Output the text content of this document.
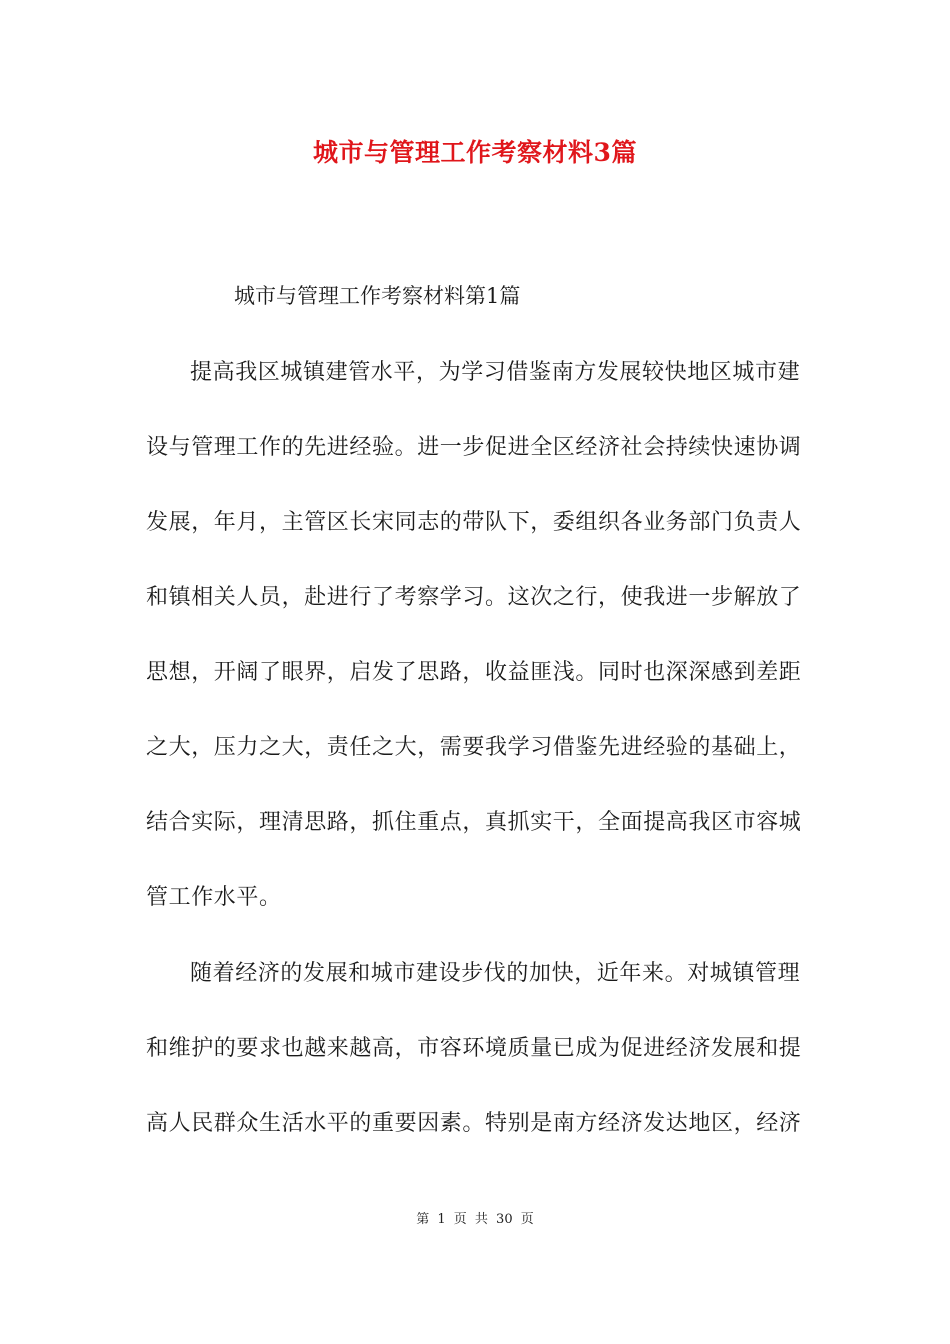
城市与管理工作考察材料3篇
城市与管理工作考察材料第1篇
提高我区城镇建管水平，为学习借鉴南方发展较快地区城市建
设与管理工作的先进经验。进一步促进全区经济社会持续快速协调
发展，年月，主管区长宋同志的带队下，委组织各业务部门负责人
和镇相关人员，赴进行了考察学习。这次之行，使我进一步解放了
思想，开阔了眼界，启发了思路，收益匪浅。同时也深深感到差距
之大，压力之大，责任之大，需要我学习借鉴先进经验的基础上，
结合实际，理清思路，抓住重点，真抓实干，全面提高我区市容城
管工作水平。
随着经济的发展和城市建设步伐的加快，近年来。对城镇管理
和维护的要求也越来越高，市容环境质量已成为促进经济发展和提
高人民群众生活水平的重要因素。特别是南方经济发达地区，经济
第 1 页 共 30 页
